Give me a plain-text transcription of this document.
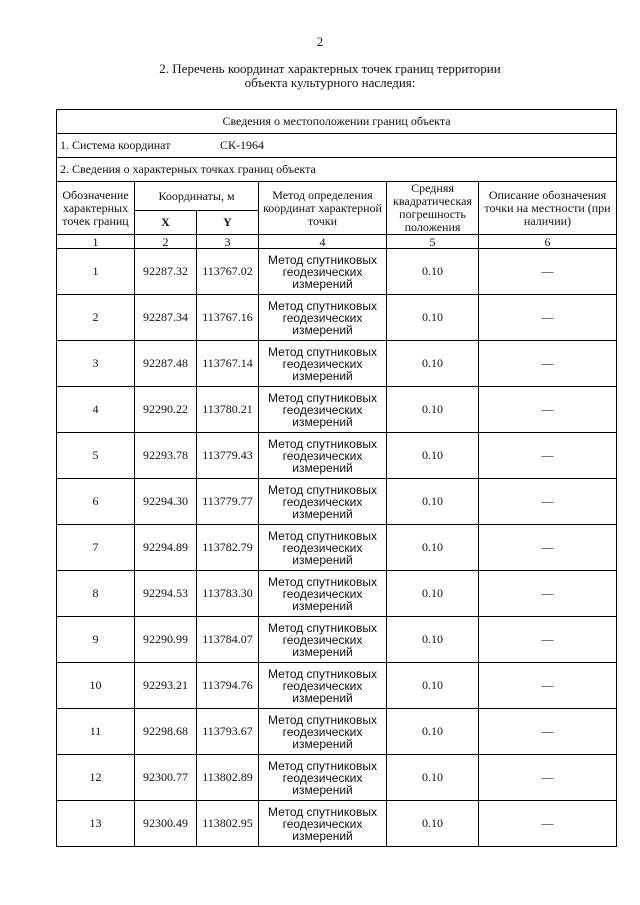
2
2. Перечень координат характерных точек границ территории
объекта культурного наследия:
Сведения о местоположении границ объекта					
1. Система координат СК-1964					
2. Сведения о характерных точках границ объекта					
Обозначение характерных точек границ	Координаты, м		Метод определения координат характерной точки	Средняя квадратическая погрешность положения	Описание обозначения точки на местности (при наличии)
	X	Y			
1	2	3	4	5	6
1	92287.32	113767.02	Метод спутниковых геодезических измерений	0.10	—
2	92287.34	113767.16	Метод спутниковых геодезических измерений	0.10	—
3	92287.48	113767.14	Метод спутниковых геодезических измерений	0.10	—
4	92290.22	113780.21	Метод спутниковых геодезических измерений	0.10	—
5	92293.78	113779.43	Метод спутниковых геодезических измерений	0.10	—
6	92294.30	113779.77	Метод спутниковых геодезических измерений	0.10	—
7	92294.89	113782.79	Метод спутниковых геодезических измерений	0.10	—
8	92294.53	113783.30	Метод спутниковых геодезических измерений	0.10	—
9	92290.99	113784.07	Метод спутниковых геодезических измерений	0.10	—
10	92293.21	113794.76	Метод спутниковых геодезических измерений	0.10	—
11	92298.68	113793.67	Метод спутниковых геодезических измерений	0.10	—
12	92300.77	113802.89	Метод спутниковых геодезических измерений	0.10	—
13	92300.49	113802.95	Метод спутниковых геодезических измерений	0.10	—
